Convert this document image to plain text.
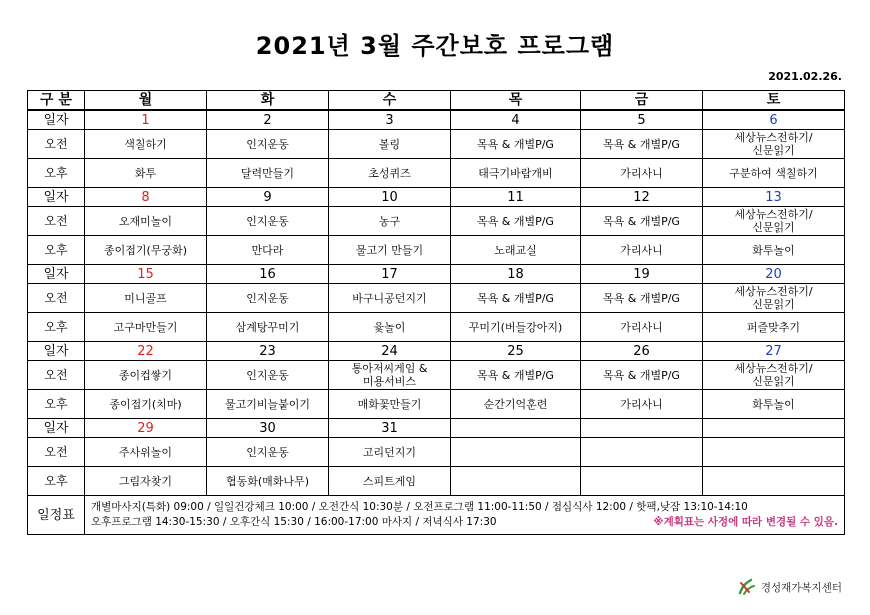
2021년 3월 주간보호 프로그램
2021.02.26.
구 분	월	화	수	목	금	토
일자	1	2	3	4	5	6
오전	색칠하기	인지운동	볼링	목욕 & 개별P/G	목욕 & 개별P/G	세상뉴스전하기/
신문읽기
오후	화투	달력만들기	초성퀴즈	태극기바람개비	가리사니	구분하여 색칠하기
일자	8	9	10	11	12	13
오전	오재미놀이	인지운동	농구	목욕 & 개별P/G	목욕 & 개별P/G	세상뉴스전하기/
신문읽기
오후	종이접기(무궁화)	만다라	물고기 만들기	노래교실	가리사니	화투놀이
일자	15	16	17	18	19	20
오전	미니골프	인지운동	바구니공던지기	목욕 & 개별P/G	목욕 & 개별P/G	세상뉴스전하기/
신문읽기
오후	고구마만들기	삼계탕꾸미기	윷놀이	꾸미기(버들강아지)	가리사니	퍼즐맞추기
일자	22	23	24	25	26	27
오전	종이컵쌓기	인지운동	통아저씨게임 &
미용서비스	목욕 & 개별P/G	목욕 & 개별P/G	세상뉴스전하기/
신문읽기
오후	종이접기(치마)	물고기비늘붙이기	매화꽃만들기	순간기억훈련	가리사니	화투놀이
일자	29	30	31			
오전	주사위놀이	인지운동	고리던지기			
오후	그림자찾기	협동화(매화나무)	스피트게임			
일정표	개별마사지(특화) 09:00 / 일일건강체크 10:00 / 오전간식 10:30분 / 오전프로그램 11:00-11:50 / 점심식사 12:00 / 핫팩,낮잠 13:10-14:10
오후프로그램 14:30-15:30 / 오후간식 15:30 / 16:00-17:00 마사지 / 저녁식사 17:30 ※계획표는 사정에 따라 변경될 수 있음.					
경성재가복지센터
